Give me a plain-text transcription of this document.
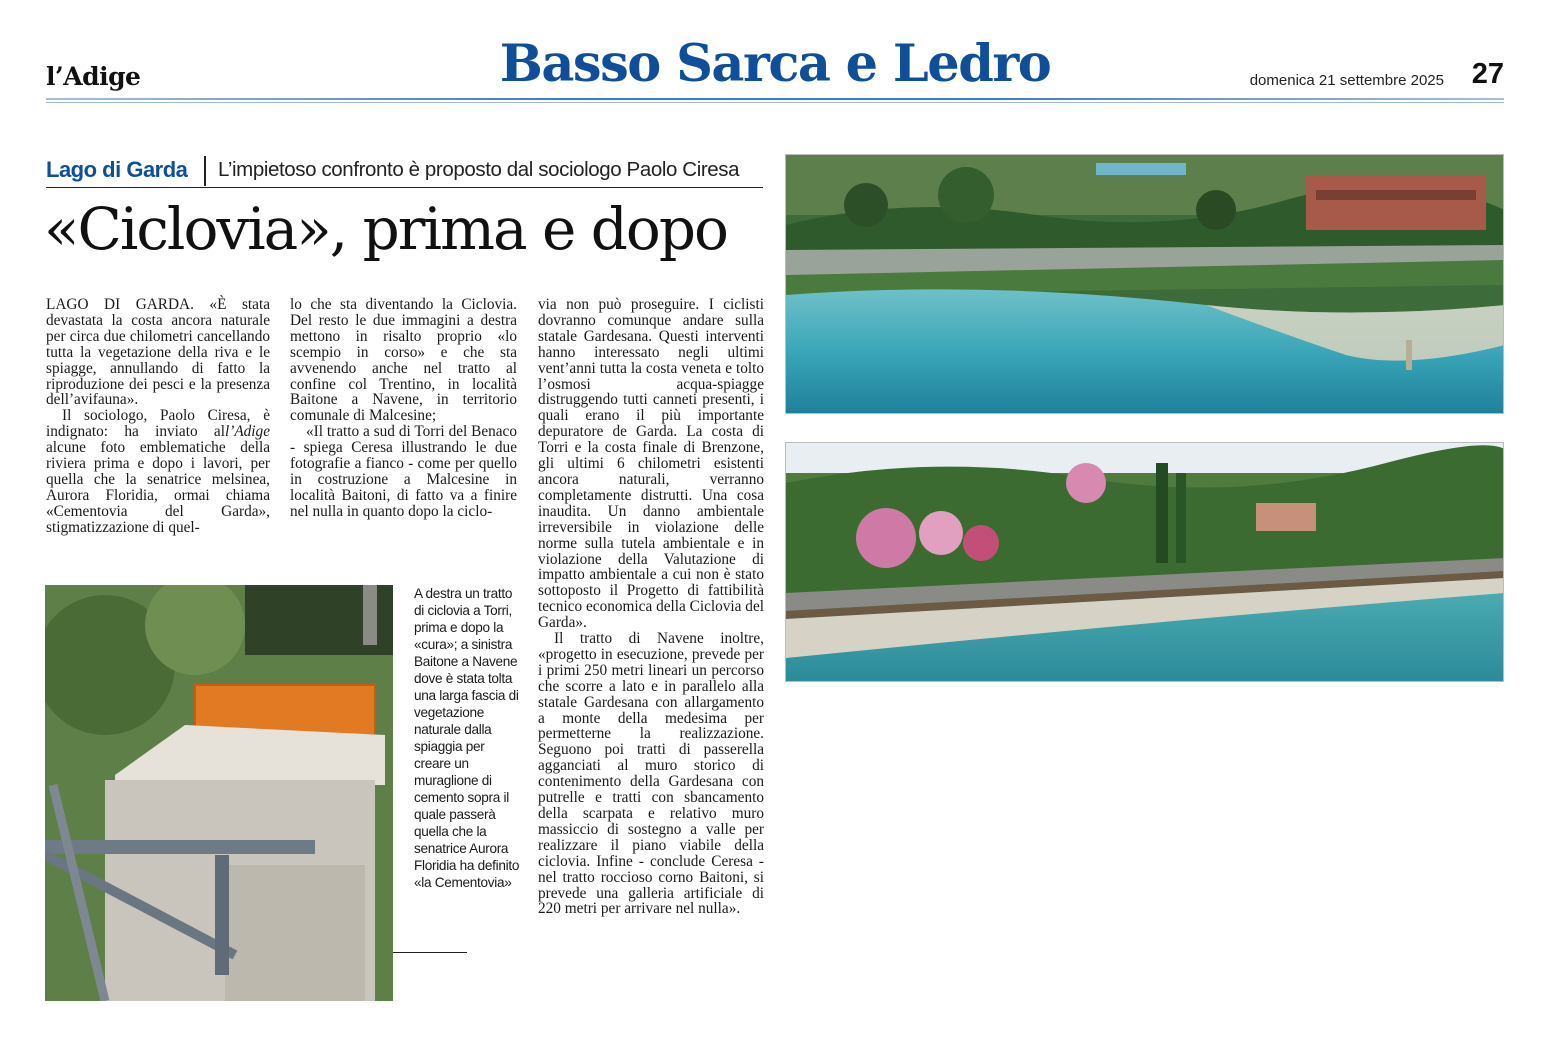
l’Adige	Basso Sarca e Ledro	domenica 21 settembre 2025 27
Lago di Garda L’impietoso confronto è proposto dal sociologo Paolo Ciresa
«Ciclovia», prima e dopo

LAGO DI GARDA. «È stata devastata la costa ancora naturale per circa due chilometri cancellando tutta la vegetazione della riva e le spiagge, annullando di fatto la riproduzione dei pesci e la presenza dell’avifauna».

Il sociologo, Paolo Ciresa, è indignato: ha inviato all’Adige alcune foto emblematiche della riviera prima e dopo i lavori, per quella che la senatrice melsinea, Aurora Floridia, ormai chiama «Cementovia del Garda», stigmatizzazione di quel-

lo che sta diventando la Ciclovia. Del resto le due immagini a destra mettono in risalto proprio «lo scempio in corso» e che sta avvenendo anche nel tratto al confine col Trentino, in località Baitone a Navene, in territorio comunale di Malcesine;

«Il tratto a sud di Torri del Benaco - spiega Ceresa illustrando le due fotografie a fianco - come per quello in costruzione a Malcesine in località Baitoni, di fatto va a finire nel nulla in quanto dopo la ciclo-

via non può proseguire. I ciclisti dovranno comunque andare sulla statale Gardesana. Questi interventi hanno interessato negli ultimi vent’anni tutta la costa veneta e tolto l’osmosi acqua-spiagge distruggendo tutti canneti presenti, i quali erano il più importante depuratore de Garda. La costa di Torri e la costa finale di Brenzone, gli ultimi 6 chilometri esistenti ancora naturali, verranno completamente distrutti. Una cosa inaudita. Un danno ambientale irreversibile in violazione delle norme sulla tutela ambientale e in violazione della Valutazione di impatto ambientale a cui non è stato sottoposto il Progetto di fattibilità tecnico economica della Ciclovia del Garda».

Il tratto di Navene inoltre, «progetto in esecuzione, prevede per i primi 250 metri lineari un percorso che scorre a lato e in parallelo alla statale Gardesana con allargamento a monte della medesima per permetterne la realizzazione. Seguono poi tratti di passerella agganciati al muro storico di contenimento della Gardesana con putrelle e tratti con sbancamento della scarpata e relativo muro massiccio di sostegno a valle per realizzare il piano viabile della ciclovia. Infine - conclude Ceresa - nel tratto roccioso corno Baitoni, si prevede una galleria artificiale di 220 metri per arrivare nel nulla».

A destra un tratto di ciclovia a Torri, prima e dopo la «cura»; a sinistra Baitone a Navene dove è stata tolta una larga fascia di vegetazione naturale dalla spiaggia per creare un muraglione di cemento sopra il quale passerà quella che la senatrice Aurora Floridia ha definito «la Cementovia»
